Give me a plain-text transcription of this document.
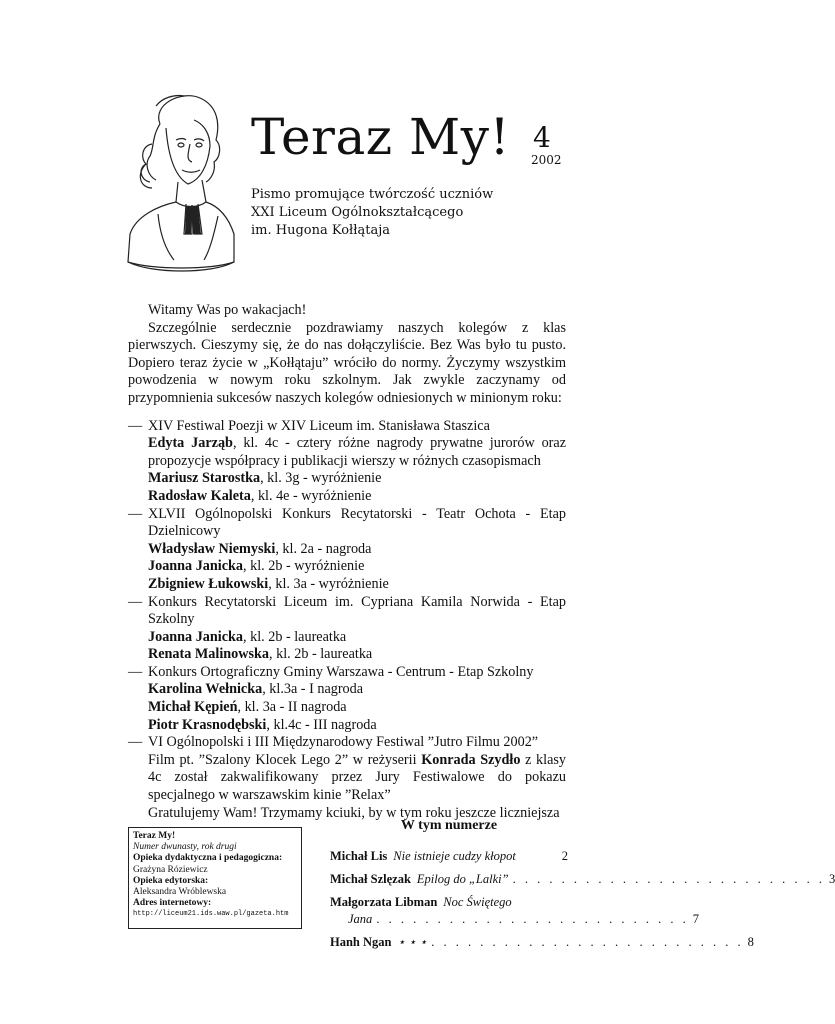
Teraz My! 4
2002
Pismo promujące twórczość uczniów
XXI Liceum Ogólnokształcącego
im. Hugona Kołłątaja

Witamy Was po wakacjach!

Szczególnie serdecznie pozdrawiamy naszych kolegów z klas pierwszych. Cieszymy się, że do nas dołączyliście. Bez Was było tu pusto. Dopiero teraz życie w „Kołłątaju” wróciło do normy. Życzymy wszystkim powodzenia w nowym roku szkolnym. Jak zwykle zaczynamy od przypomnienia sukcesów naszych kolegów odniesionych w minionym roku:

— XIV Festiwal Poezji w XIV Liceum im. Stanisława Staszica

Edyta Jarząb, kl. 4c - cztery różne nagrody prywatne jurorów oraz propozycje współpracy i publikacji wierszy w różnych czasopismach

Mariusz Starostka, kl. 3g - wyróżnienie

Radosław Kaleta, kl. 4e - wyróżnienie

— XLVII Ogólnopolski Konkurs Recytatorski - Teatr Ochota - Etap Dzielnicowy

Władysław Niemyski, kl. 2a - nagroda

Joanna Janicka, kl. 2b - wyróżnienie

Zbigniew Łukowski, kl. 3a - wyróżnienie

— Konkurs Recytatorski Liceum im. Cypriana Kamila Norwida - Etap Szkolny

Joanna Janicka, kl. 2b - laureatka

Renata Malinowska, kl. 2b - laureatka

— Konkurs Ortograficzny Gminy Warszawa - Centrum - Etap Szkolny

Karolina Wełnicka, kl.3a - I nagroda

Michał Kępień, kl. 3a - II nagroda

Piotr Krasnodębski, kl.4c - III nagroda

— VI Ogólnopolski i III Międzynarodowy Festiwal ”Jutro Filmu 2002”

Film pt. ”Szalony Klocek Lego 2” w reżyserii Konrada Szydło z klasy 4c został zakwalifikowany przez Jury Festiwalowe do pokazu specjalnego w warszawskim kinie ”Relax”

Gratulujemy Wam! Trzymamy kciuki, by w tym roku jeszcze liczniejsza

Teraz My!
Numer dwunasty, rok drugi
Opieka dydaktyczna i pedagogiczna:
Grażyna Róziewicz
Opieka edytorska:
Aleksandra Wróblewska
Adres internetowy:
http://liceum21.ids.waw.pl/gazeta.htm
W tym numerze
Michał Lis Nie istnieje cudzy kłopot	2
Michał Szlęzak Epilog do „Lalki” . . . . . . . . . . . . . . . . . . . . . . . . . . 3
Małgorzata Libman Noc Świętego
Jana . . . . . . . . . . . . . . . . . . . . . . . . . . 7
Hanh Ngan ⋆ ⋆ ⋆ . . . . . . . . . . . . . . . . . . . . . . . . . . 8
